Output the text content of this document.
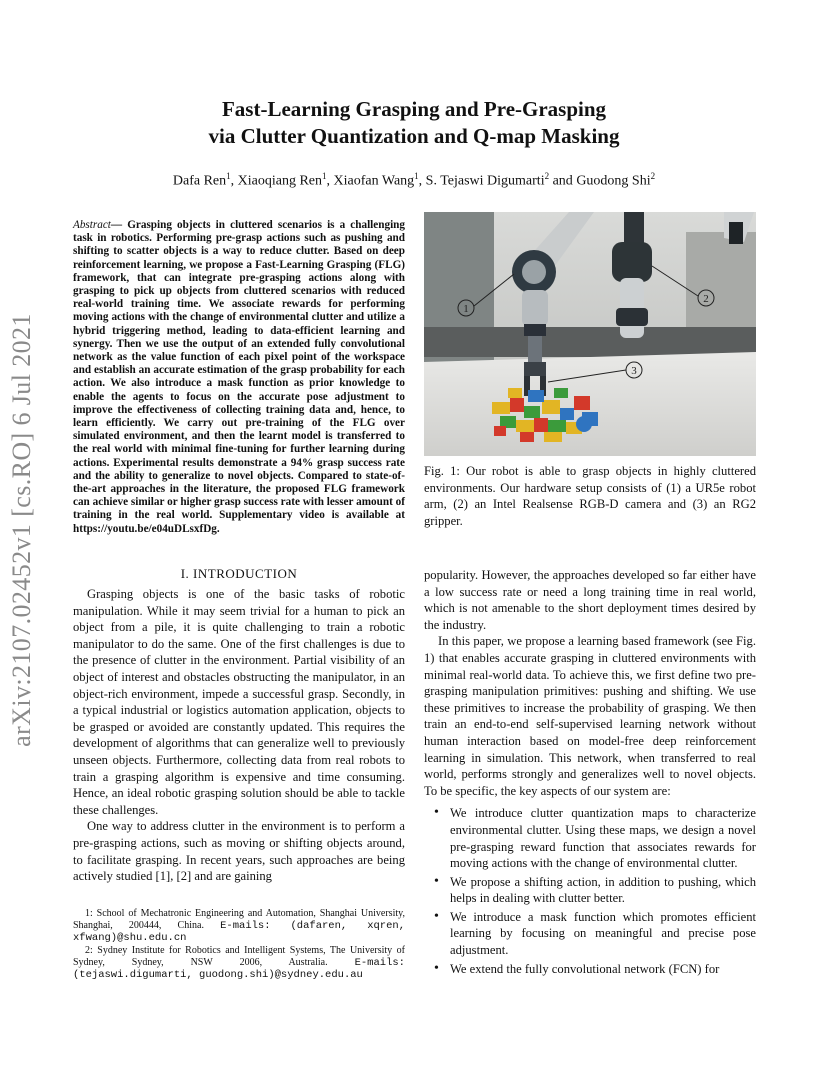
Fast-Learning Grasping and Pre-Grasping
via Clutter Quantization and Q-map Masking
Dafa Ren$^1$, Xiaoqiang Ren$^1$, Xiaofan Wang$^1$, S. Tejaswi Digumarti$^2$ and Guodong Shi$^2$
arXiv:2107.02452v1 [cs.RO] 6 Jul 2021
Abstract— Grasping objects in cluttered scenarios is a challenging task in robotics. Performing pre-grasp actions such as pushing and shifting to scatter objects is a way to reduce clutter. Based on deep reinforcement learning, we propose a Fast-Learning Grasping (FLG) framework, that can integrate pre-grasping actions along with grasping to pick up objects from cluttered scenarios with reduced real-world training time. We associate rewards for performing moving actions with the change of environmental clutter and utilize a hybrid triggering method, leading to data-efficient learning and synergy. Then we use the output of an extended fully convolutional network as the value function of each pixel point of the workspace and establish an accurate estimation of the grasp probability for each action. We also introduce a mask function as prior knowledge to enable the agents to focus on the accurate pose adjustment to improve the effectiveness of collecting training data and, hence, to learn efficiently. We carry out pre-training of the FLG over simulated environment, and then the learnt model is transferred to the real world with minimal fine-tuning for further learning during actions. Experimental results demonstrate a 94% grasp success rate and the ability to generalize to novel objects. Compared to state-of-the-art approaches in the literature, the proposed FLG framework can achieve similar or higher grasp success rate with lesser amount of training in the real world. Supplementary video is available at https://youtu.be/e04uDLsxfDg.
I. INTRODUCTION

Grasping objects is one of the basic tasks of robotic manipulation. While it may seem trivial for a human to pick an object from a pile, it is quite challenging to train a robotic manipulator to do the same. One of the first challenges is due to the presence of clutter in the environment. Partial visibility of an object of interest and obstacles obstructing the manipulator, in an object-rich environment, impede a successful grasp. Secondly, in a typical industrial or logistics automation application, objects to be grasped or avoided are constantly updated. This requires the development of algorithms that can generalize well to previously unseen objects. Furthermore, collecting data from real robots to train a grasping algorithm is expensive and time consuming. Hence, an ideal robotic grasping solution should be able to tackle these challenges.

One way to address clutter in the environment is to perform a pre-grasping actions, such as moving or shifting objects around, to facilitate grasping. In recent years, such approaches are being actively studied [1], [2] and are gaining

1: School of Mechatronic Engineering and Automation, Shanghai University, Shanghai, 200444, China. E-mails: (dafaren, xqren, xfwang)@shu.edu.cn

2: Sydney Institute for Robotics and Intelligent Systems, The University of Sydney, Sydney, NSW 2006, Australia. E-mails: (tejaswi.digumarti, guodong.shi)@sydney.edu.au

1
2
3
Fig. 1: Our robot is able to grasp objects in highly cluttered environments. Our hardware setup consists of (1) a UR5e robot arm, (2) an Intel Realsense RGB-D camera and (3) an RG2 gripper.

popularity. However, the approaches developed so far either have a low success rate or need a long training time in real world, which is not amenable to the short deployment times desired by the industry.

In this paper, we propose a learning based framework (see Fig. 1) that enables accurate grasping in cluttered environments with minimal real-world data. To achieve this, we first define two pre-grasping manipulation primitives: pushing and shifting. We use these primitives to increase the probability of grasping. We then train an end-to-end self-supervised learning network without human interaction based on model-free deep reinforcement learning in simulation. This network, when transferred to real world, performs strongly and generalizes well to novel objects. To be specific, the key aspects of our system are:

• We introduce clutter quantization maps to characterize environmental clutter. Using these maps, we design a novel pre-grasping reward function that associates rewards for moving actions with the change of environmental clutter.
• We propose a shifting action, in addition to pushing, which helps in dealing with clutter better.
• We introduce a mask function which promotes efficient learning by focusing on meaningful and precise pose adjustment.
• We extend the fully convolutional network (FCN) for
